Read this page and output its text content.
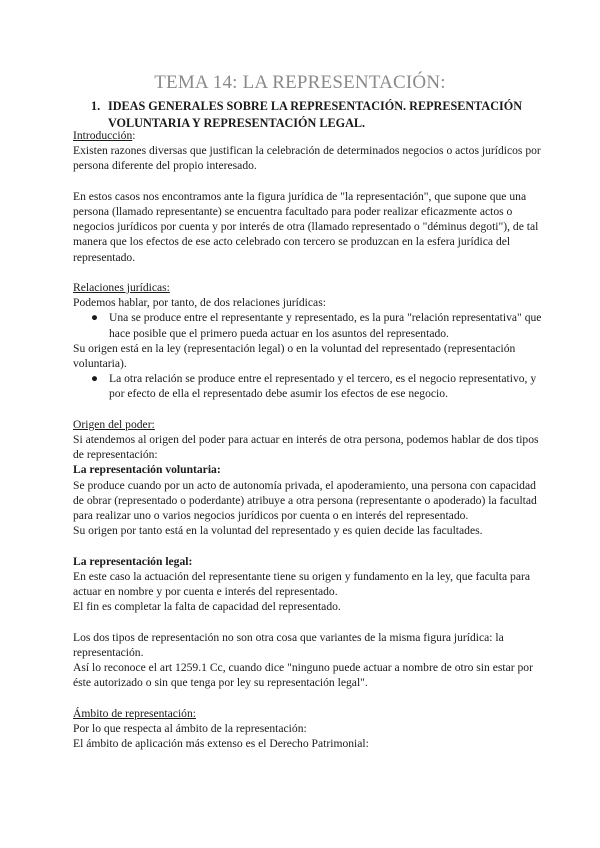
TEMA 14: LA REPRESENTACIÓN:
1. IDEAS GENERALES SOBRE LA REPRESENTACIÓN. REPRESENTACIÓN VOLUNTARIA Y REPRESENTACIÓN LEGAL.

Introducción:

Existen razones diversas que justifican la celebración de determinados negocios o actos jurídicos por persona diferente del propio interesado.

En estos casos nos encontramos ante la figura jurídica de "la representación", que supone que una persona (llamado representante) se encuentra facultado para poder realizar eficazmente actos o negocios jurídicos por cuenta y por interés de otra (llamado representado o "déminus degoti"), de tal manera que los efectos de ese acto celebrado con tercero se produzcan en la esfera jurídica del representado.

Relaciones jurídicas:

Podemos hablar, por tanto, de dos relaciones jurídicas:

● Una se produce entre el representante y representado, es la pura "relación representativa" que hace posible que el primero pueda actuar en los asuntos del representado.

Su origen está en la ley (representación legal) o en la voluntad del representado (representación voluntaria).

● La otra relación se produce entre el representado y el tercero, es el negocio representativo, y por efecto de ella el representado debe asumir los efectos de ese negocio.

Origen del poder:

Si atendemos al origen del poder para actuar en interés de otra persona, podemos hablar de dos tipos de representación:

La representación voluntaria:

Se produce cuando por un acto de autonomía privada, el apoderamiento, una persona con capacidad de obrar (representado o poderdante) atribuye a otra persona (representante o apoderado) la facultad para realizar uno o varios negocios jurídicos por cuenta o en interés del representado.

Su origen por tanto está en la voluntad del representado y es quien decide las facultades.

La representación legal:

En este caso la actuación del representante tiene su origen y fundamento en la ley, que faculta para actuar en nombre y por cuenta e interés del representado.

El fin es completar la falta de capacidad del representado.

Los dos tipos de representación no son otra cosa que variantes de la misma figura jurídica: la representación.

Así lo reconoce el art 1259.1 Cc, cuando dice "ninguno puede actuar a nombre de otro sin estar por éste autorizado o sin que tenga por ley su representación legal".

Ámbito de representación:

Por lo que respecta al ámbito de la representación:

El ámbito de aplicación más extenso es el Derecho Patrimonial:
